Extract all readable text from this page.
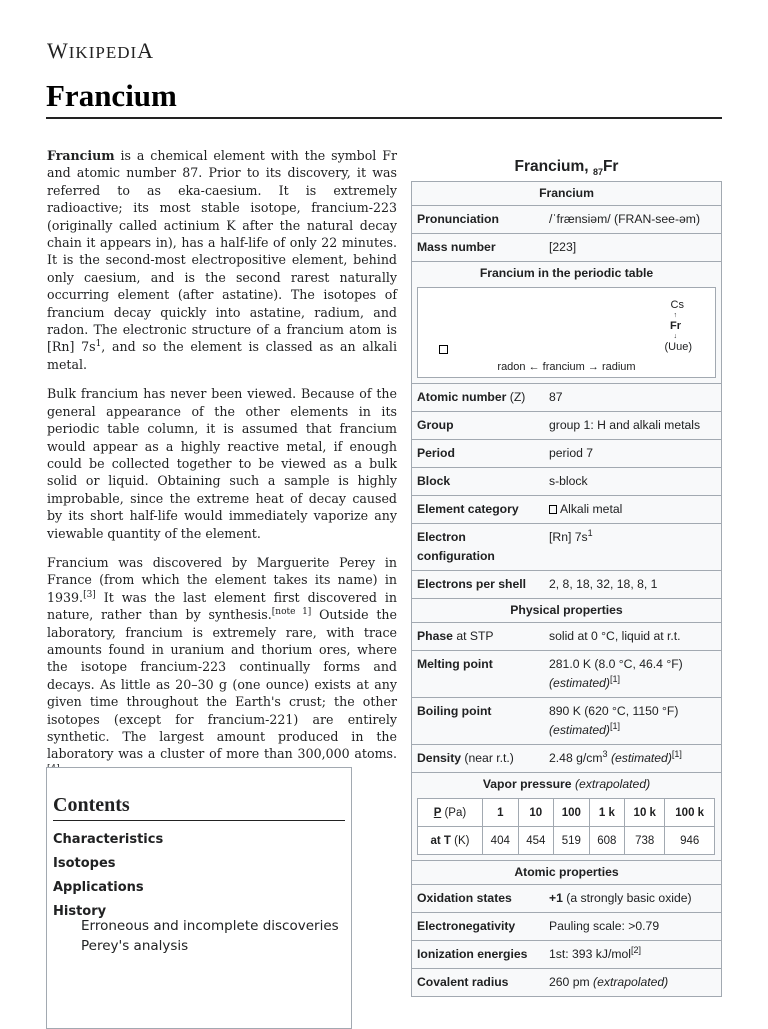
WIKIPEDIA
Francium

Francium is a chemical element with the symbol Fr and atomic number 87. Prior to its discovery, it was referred to as eka-caesium. It is extremely radioactive; its most stable isotope, francium-223 (originally called actinium K after the natural decay chain it appears in), has a half-life of only 22 minutes. It is the second-most electropositive element, behind only caesium, and is the second rarest naturally occurring element (after astatine). The isotopes of francium decay quickly into astatine, radium, and radon. The electronic structure of a francium atom is [Rn] $7s^1$, and so the element is classed as an alkali metal.

Bulk francium has never been viewed. Because of the general appearance of the other elements in its periodic table column, it is assumed that francium would appear as a highly reactive metal, if enough could be collected together to be viewed as a bulk solid or liquid. Obtaining such a sample is highly improbable, since the extreme heat of decay caused by its short half-life would immediately vaporize any viewable quantity of the element.

Francium was discovered by Marguerite Perey in France (from which the element takes its name) in 1939.[3] It was the last element first discovered in nature, rather than by synthesis.[note 1] Outside the laboratory, francium is extremely rare, with trace amounts found in uranium and thorium ores, where the isotope francium-223 continually forms and decays. As little as 20–30 g (one ounce) exists at any given time throughout the Earth's crust; the other isotopes (except for francium-221) are entirely synthetic. The largest amount produced in the laboratory was a cluster of more than 300,000 atoms.

Contents
Characteristics
Isotopes
Applications
History
Erroneous and incomplete discoveries
Perey's analysis
Francium, $_{87}$Fr
Francium
Pronunciation	/ˈfrænsiəm/ (FRAN-see-əm)
Mass number	[223]
Francium in the periodic table
Cs
↑
Fr
↓
(Uue)
radon ← francium → radium
Atomic number (Z)	87
Group	group 1: H and alkali metals
Period	period 7
Block	s-block
Element category	Alkali metal
Electron configuration
[Rn] $7s^1$
Electrons per shell	2, 8, 18, 32, 18, 8, 1
Physical properties
Phase at STP	solid at 0 °C, liquid at r.t.
Melting point	281.0 K (8.0 °C, 46.4 °F)
(estimated)[1]
Boiling point	890 K (620 °C, 1150 °F)
(estimated)[1]
Density (near r.t.)	2.48 $g/cm^3$ (estimated)[1]
Vapor pressure (extrapolated)
P (Pa)	1	10	100	1 k	10 k	100 k
at T (K)	404	454	519	608	738	946
Atomic properties
Oxidation states	+1 (a strongly basic oxide)
Electronegativity	Pauling scale: >0.79
Ionization energies	1st: 393 kJ/mol[2]
Covalent radius	260 pm (extrapolated)
